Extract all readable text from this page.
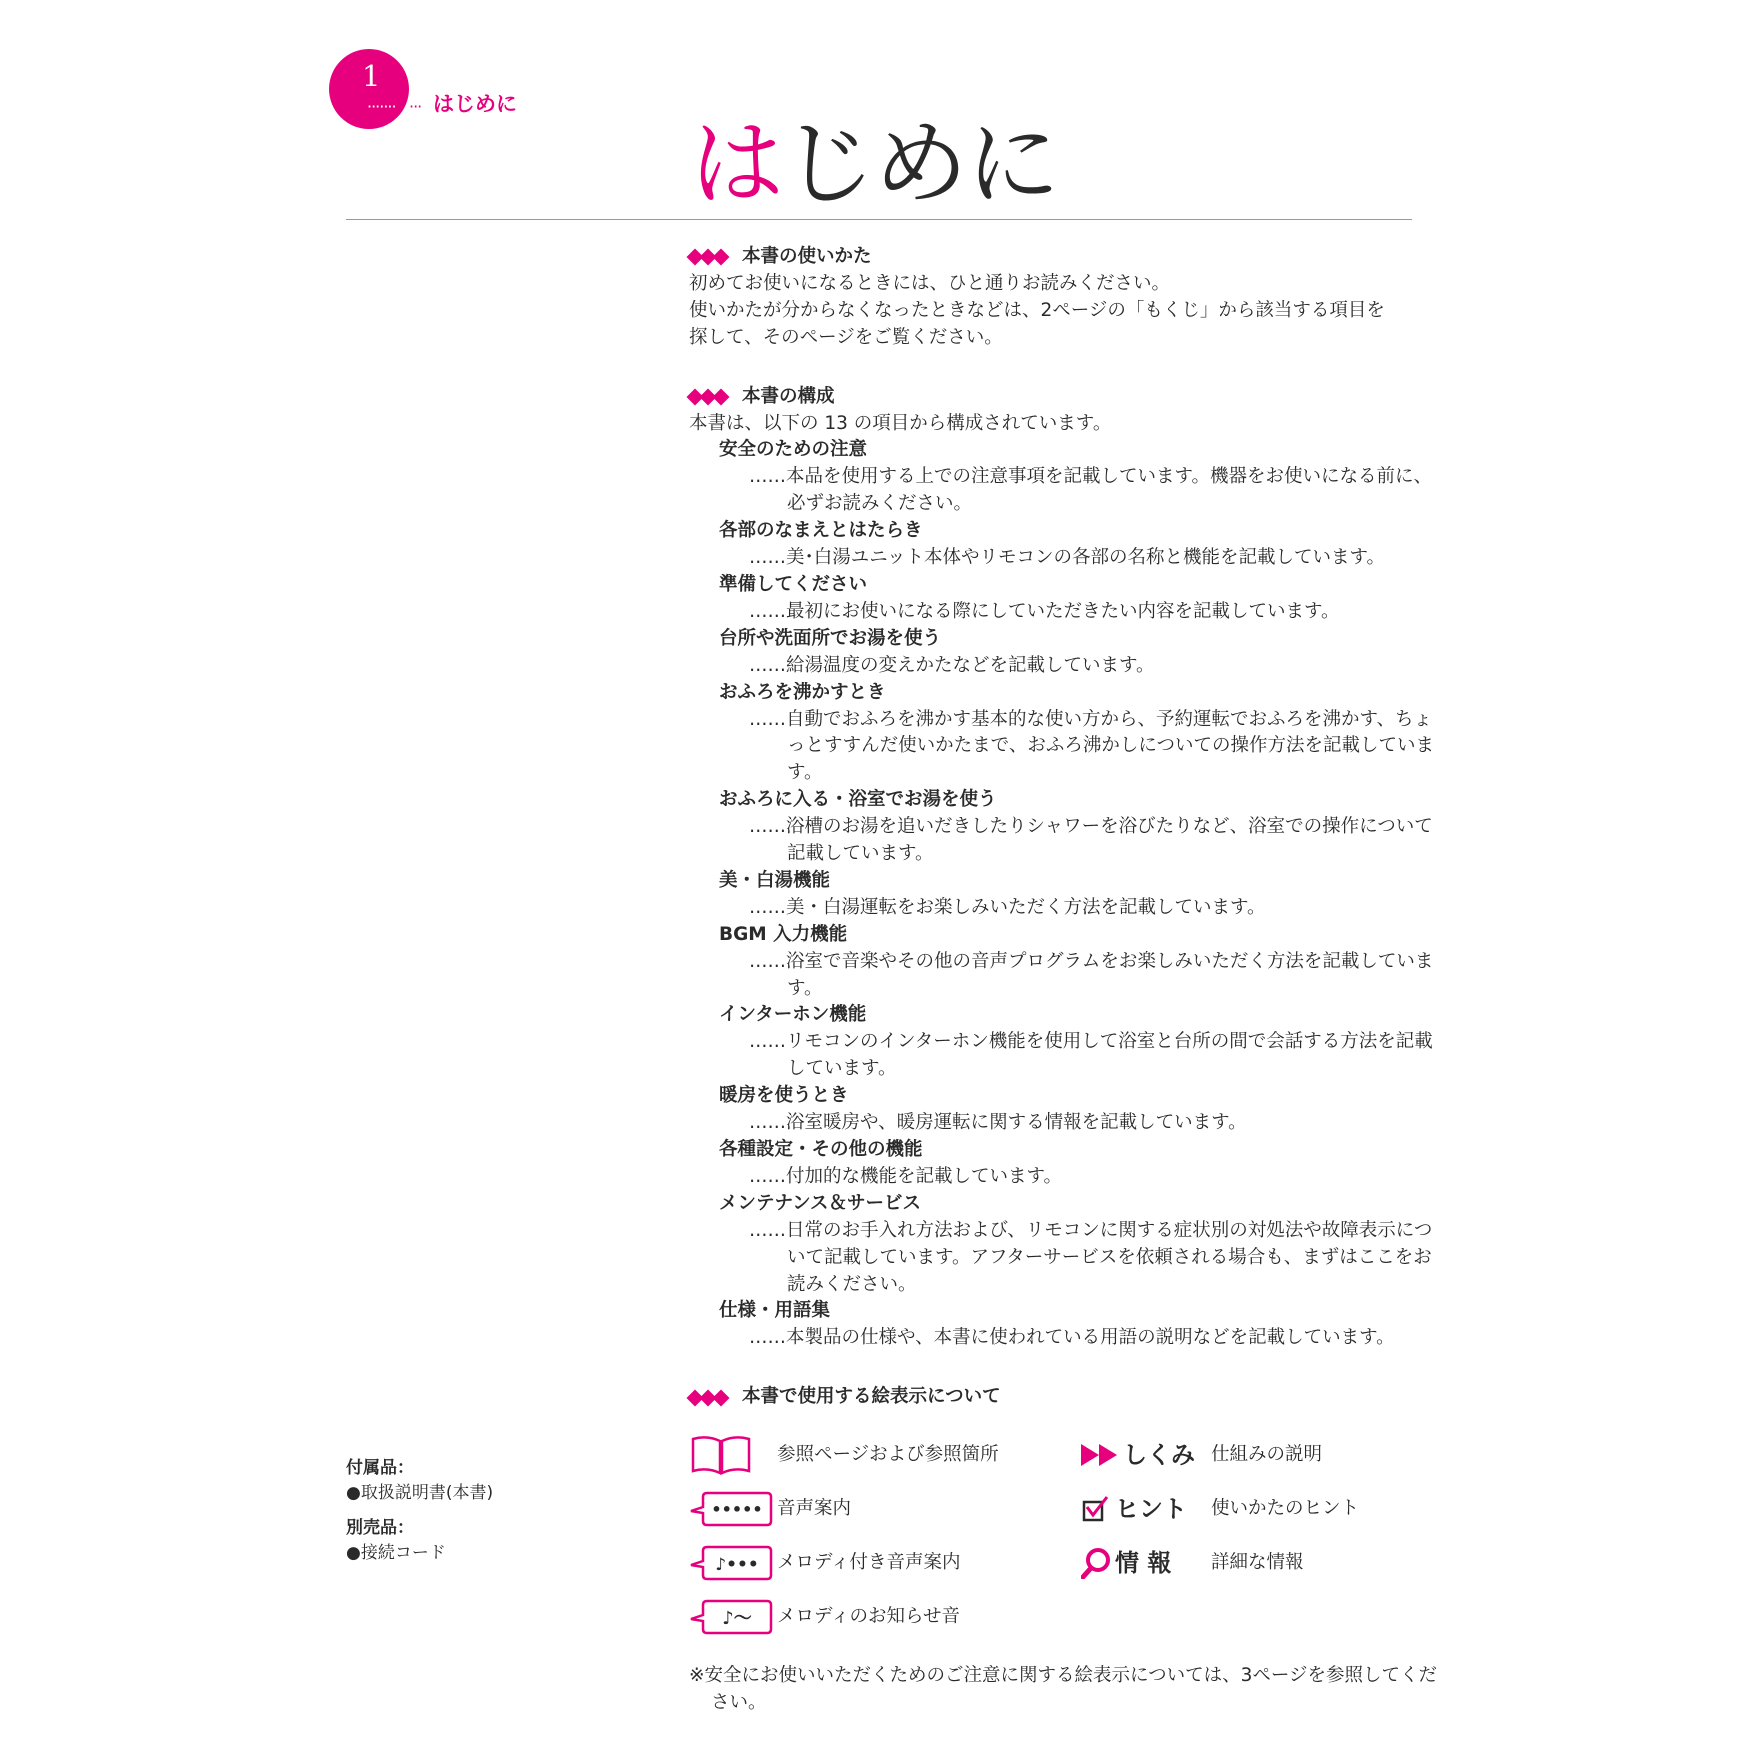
1
······· ··· はじめに
はじめに
本書の使いかた
初めてお使いになるときには、ひと通りお読みください。
使いかたが分からなくなったときなどは、2ページの「もくじ」から該当する項目を
探して、そのページをご覧ください。
本書の構成
本書は、以下の 13 の項目から構成されています。
安全のための注意
……本品を使用する上での注意事項を記載しています。機器をお使いになる前に、必ずお読みください。
各部のなまえとはたらき
……美･白湯ユニット本体やリモコンの各部の名称と機能を記載しています。
準備してください
……最初にお使いになる際にしていただきたい内容を記載しています。
台所や洗面所でお湯を使う
……給湯温度の変えかたなどを記載しています。
おふろを沸かすとき
……自動でおふろを沸かす基本的な使い方から、予約運転でおふろを沸かす、ちょっとすすんだ使いかたまで、おふろ沸かしについての操作方法を記載しています。
おふろに入る・浴室でお湯を使う
……浴槽のお湯を追いだきしたりシャワーを浴びたりなど、浴室での操作について記載しています。
美・白湯機能
……美・白湯運転をお楽しみいただく方法を記載しています。
BGM 入力機能
……浴室で音楽やその他の音声プログラムをお楽しみいただく方法を記載しています。
インターホン機能
……リモコンのインターホン機能を使用して浴室と台所の間で会話する方法を記載しています。
暖房を使うとき
……浴室暖房や、暖房運転に関する情報を記載しています。
各種設定・その他の機能
……付加的な機能を記載しています。
メンテナンス＆サービス
……日常のお手入れ方法および、リモコンに関する症状別の対処法や故障表示について記載しています。アフターサービスを依頼される場合も、まずはここをお読みください。
仕様・用語集
……本製品の仕様や、本書に使われている用語の説明などを記載しています。
本書で使用する絵表示について
参照ページおよび参照箇所
••••• 音声案内
♪••• メロディ付き音声案内
♪〜 メロディのお知らせ音
しくみ 仕組みの説明
ヒント 使いかたのヒント
情 報 詳細な情報
※安全にお使いいただくためのご注意に関する絵表示については、3ページを参照してください。
付属品：
●取扱説明書(本書)
別売品：
●接続コード
